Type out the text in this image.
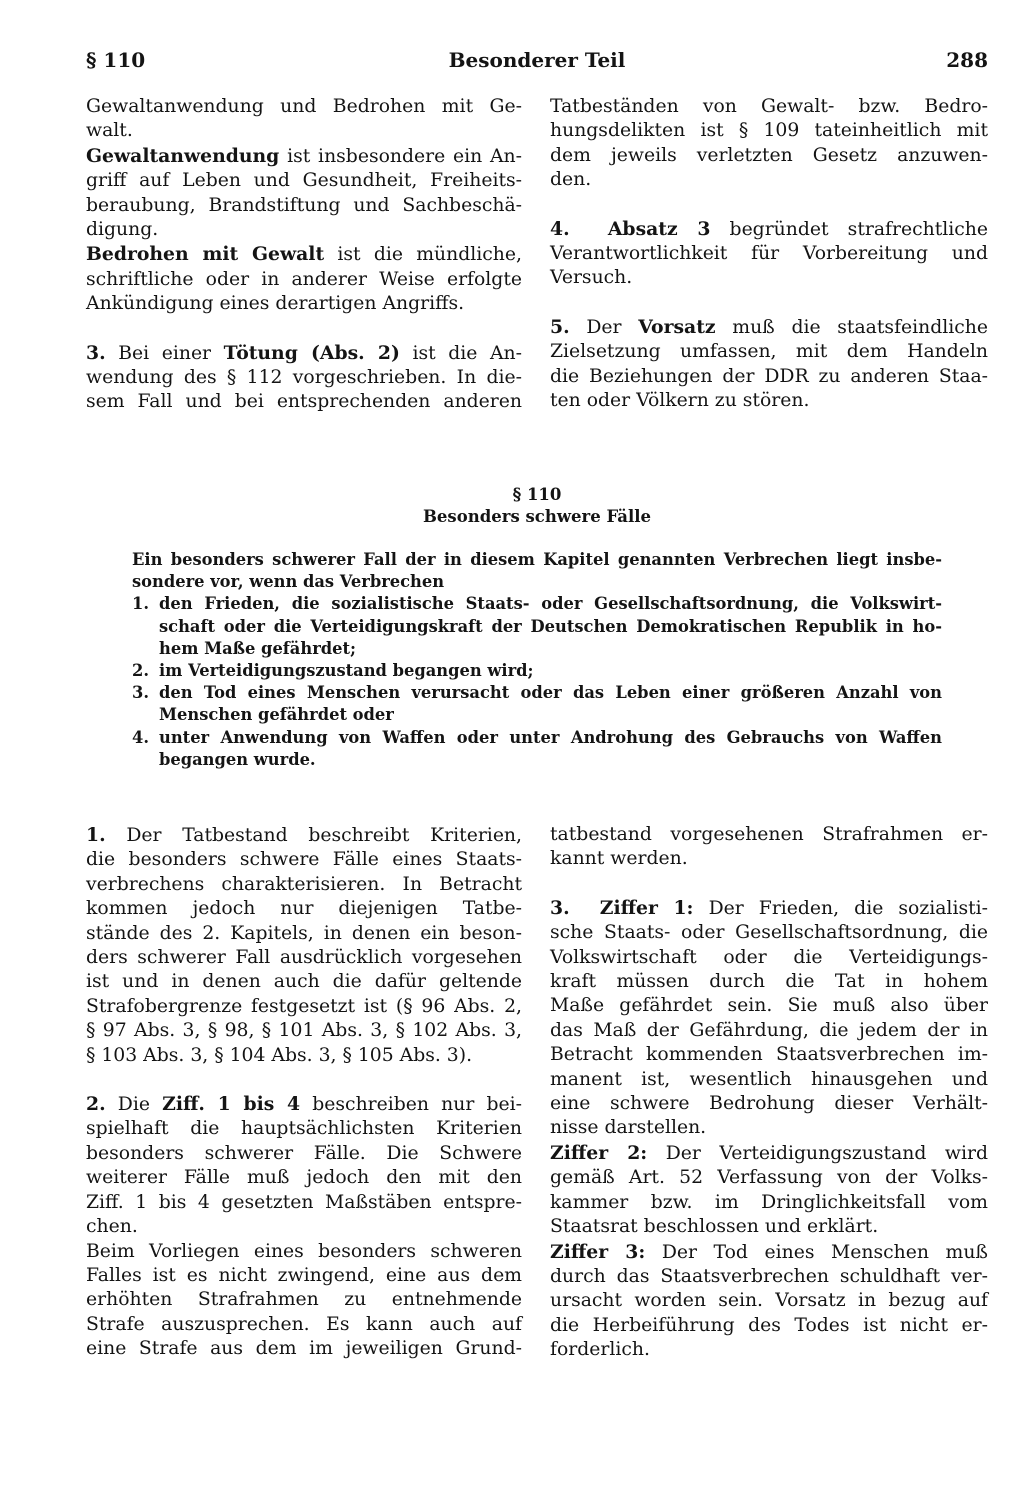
§ 110	Besonderer Teil	288

Gewaltanwendung und Bedrohen mit Ge-
walt.

Gewaltanwendung ist insbesondere ein An-
griff auf Leben und Gesundheit, Freiheits-
beraubung, Brandstiftung und Sachbeschä-
digung.

Bedrohen mit Gewalt ist die mündliche,
schriftliche oder in anderer Weise erfolgte
Ankündigung eines derartigen Angriffs.

3. Bei einer Tötung (Abs. 2) ist die An-
wendung des § 112 vorgeschrieben. In die-
sem Fall und bei entsprechenden anderen

Tatbeständen von Gewalt- bzw. Bedro-
hungsdelikten ist § 109 tateinheitlich mit
dem jeweils verletzten Gesetz anzuwen-
den.

4. Absatz 3 begründet strafrechtliche
Verantwortlichkeit für Vorbereitung und
Versuch.

5. Der Vorsatz muß die staatsfeindliche
Zielsetzung umfassen, mit dem Handeln
die Beziehungen der DDR zu anderen Staa-
ten oder Völkern zu stören.

§ 110
Besonders schwere Fälle
Ein besonders schwerer Fall der in diesem Kapitel genannten Verbrechen liegt insbe-
sondere vor, wenn das Verbrechen
1. den Frieden, die sozialistische Staats- oder Gesellschaftsordnung, die Volkswirt-
schaft oder die Verteidigungskraft der Deutschen Demokratischen Republik in ho-
hem Maße gefährdet;
2. im Verteidigungszustand begangen wird;
3. den Tod eines Menschen verursacht oder das Leben einer größeren Anzahl von
Menschen gefährdet oder
4. unter Anwendung von Waffen oder unter Androhung des Gebrauchs von Waffen
begangen wurde.

1. Der Tatbestand beschreibt Kriterien,
die besonders schwere Fälle eines Staats-
verbrechens charakterisieren. In Betracht
kommen jedoch nur diejenigen Tatbe-
stände des 2. Kapitels, in denen ein beson-
ders schwerer Fall ausdrücklich vorgesehen
ist und in denen auch die dafür geltende
Strafobergrenze festgesetzt ist (§ 96 Abs. 2,
§ 97 Abs. 3, § 98, § 101 Abs. 3, § 102 Abs. 3,
§ 103 Abs. 3, § 104 Abs. 3, § 105 Abs. 3).

2. Die Ziff. 1 bis 4 beschreiben nur bei-
spielhaft die hauptsächlichsten Kriterien
besonders schwerer Fälle. Die Schwere
weiterer Fälle muß jedoch den mit den
Ziff. 1 bis 4 gesetzten Maßstäben entspre-
chen.

Beim Vorliegen eines besonders schweren
Falles ist es nicht zwingend, eine aus dem
erhöhten Strafrahmen zu entnehmende
Strafe auszusprechen. Es kann auch auf
eine Strafe aus dem im jeweiligen Grund-

tatbestand vorgesehenen Strafrahmen er-
kannt werden.

3. Ziffer 1: Der Frieden, die sozialisti-
sche Staats- oder Gesellschaftsordnung, die
Volkswirtschaft oder die Verteidigungs-
kraft müssen durch die Tat in hohem
Maße gefährdet sein. Sie muß also über
das Maß der Gefährdung, die jedem der in
Betracht kommenden Staatsverbrechen im-
manent ist, wesentlich hinausgehen und
eine schwere Bedrohung dieser Verhält-
nisse darstellen.

Ziffer 2: Der Verteidigungszustand wird
gemäß Art. 52 Verfassung von der Volks-
kammer bzw. im Dringlichkeitsfall vom
Staatsrat beschlossen und erklärt.

Ziffer 3: Der Tod eines Menschen muß
durch das Staatsverbrechen schuldhaft ver-
ursacht worden sein. Vorsatz in bezug auf
die Herbeiführung des Todes ist nicht er-
forderlich.
